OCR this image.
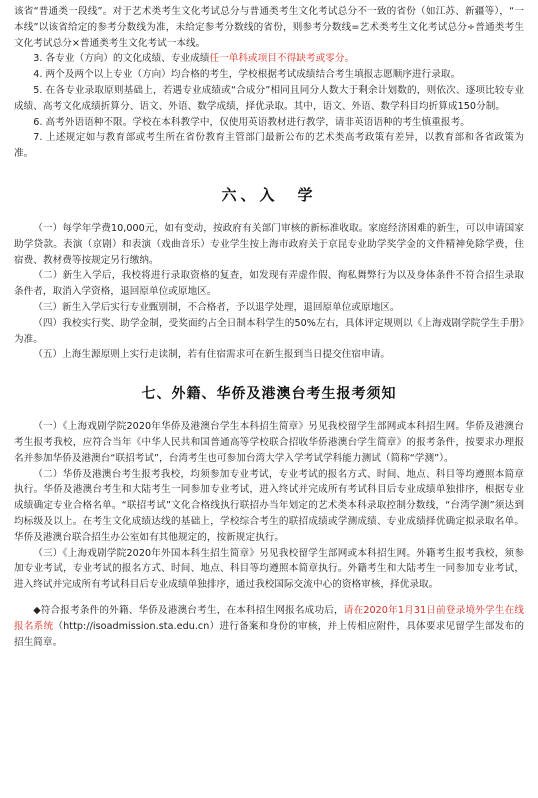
该省“普通类一段线”。对于艺术类考生文化考试总分与普通类考生文化考试总分不一致的省份（如江苏、新疆等），“一本线”以该省给定的参考分数线为准，未给定参考分数线的省份，则参考分数线=艺术类考生文化考试总分÷普通类考生文化考试总分×普通类考生文化考试一本线。

3. 各专业（方向）的文化成绩、专业成绩任一单科或项目不得缺考或零分。

4. 两个及两个以上专业（方向）均合格的考生，学校根据考试成绩结合考生填报志愿顺序进行录取。

5. 在各专业录取原则基础上，若遇专业成绩或“合成分”相同且同分人数大于剩余计划数的，则依次、逐项比较专业成绩、高考文化成绩折算分、语文、外语、数学成绩，择优录取。其中，语文、外语、数学科目均折算成150分制。

6. 高考外语语种不限。学校在本科教学中，仅使用英语教材进行教学，请非英语语种的考生慎重报考。

7. 上述规定如与教育部或考生所在省份教育主管部门最新公布的艺术类高考政策有差异，以教育部和各省政策为准。

六、入　学

（一）每学年学费10,000元，如有变动，按政府有关部门审核的新标准收取。家庭经济困难的新生，可以申请国家助学贷款。表演（京剧）和表演（戏曲音乐）专业学生按上海市政府关于京昆专业助学奖学金的文件精神免除学费，住宿费、教材费等按规定另行缴纳。

（二）新生入学后，我校将进行录取资格的复查，如发现有弄虚作假、徇私舞弊行为以及身体条件不符合招生录取条件者，取消入学资格，退回原单位或原地区。

（三）新生入学后实行专业甄别制，不合格者，予以退学处理，退回原单位或原地区。

（四）我校实行奖、助学金制，受奖面约占全日制本科学生的50%左右，具体评定规则以《上海戏剧学院学生手册》为准。

（五）上海生源原则上实行走读制，若有住宿需求可在新生报到当日提交住宿申请。

七、外籍、华侨及港澳台考生报考须知

（一）《上海戏剧学院2020年华侨及港澳台学生本科招生简章》另见我校留学生部网或本科招生网。华侨及港澳台考生报考我校，应符合当年《中华人民共和国普通高等学校联合招收华侨港澳台学生简章》的报考条件，按要求办理报名并参加华侨及港澳台“联招考试”，台湾考生也可参加台湾大学入学考试学科能力测试（简称“学测”）。

（二）华侨及港澳台考生报考我校，均须参加专业考试，专业考试的报名方式、时间、地点、科目等均遵照本简章执行。华侨及港澳台考生和大陆考生一同参加专业考试，进入终试并完成所有考试科目后专业成绩单独排序，根据专业成绩确定专业合格名单。“联招考试”文化合格线执行联招办当年划定的艺术类本科录取控制分数线，“台湾学测”须达到均标级及以上。在考生文化成绩达线的基础上，学校综合考生的联招成绩或学测成绩、专业成绩择优确定拟录取名单。华侨及港澳台联合招生办公室如有其他规定的，按新规定执行。

（三）《上海戏剧学院2020年外国本科生招生简章》另见我校留学生部网或本科招生网。外籍考生报考我校，须参加专业考试，专业考试的报名方式、时间、地点、科目等均遵照本简章执行。外籍考生和大陆考生一同参加专业考试，进入终试并完成所有考试科目后专业成绩单独排序，通过我校国际交流中心的资格审核，择优录取。

◆符合报考条件的外籍、华侨及港澳台考生，在本科招生网报名成功后，请在2020年1月31日前登录境外学生在线报名系统（http://isoadmission.sta.edu.cn）进行备案和身份的审核，并上传相应附件，具体要求见留学生部发布的招生简章。
